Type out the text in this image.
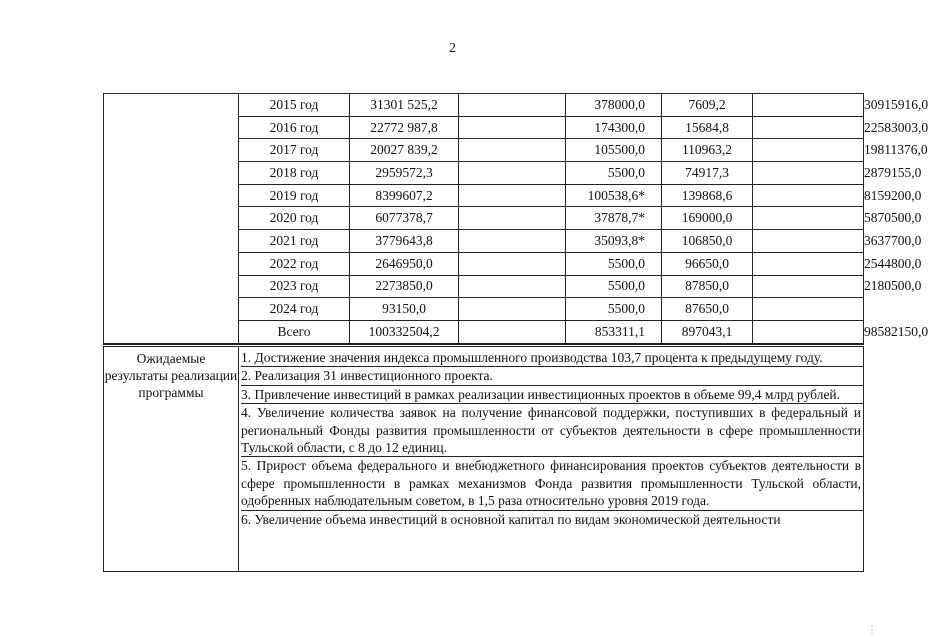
2
	2015 год	31301 525,2		378000,0	7609,2		30915916,0
	2016 год	22772 987,8		174300,0	15684,8		22583003,0
	2017 год	20027 839,2		105500,0	110963,2		19811376,0
	2018 год	2959572,3		5500,0	74917,3		2879155,0
	2019 год	8399607,2		100538,6*	139868,6		8159200,0
	2020 год	6077378,7		37878,7*	169000,0		5870500,0
	2021 год	3779643,8		35093,8*	106850,0		3637700,0
	2022 год	2646950,0		5500,0	96650,0		2544800,0
	2023 год	2273850,0		5500,0	87850,0		2180500,0
	2024 год	93150,0		5500,0	87650,0		
	Всего	100332504,2		853311,1	897043,1		98582150,0
Ожидаемые результаты реализации программы	
1. Достижение значения индекса промышленного производства 103,7 процента к предыдущему году.
2. Реализация 31 инвестиционного проекта.
3. Привлечение инвестиций в рамках реализации инвестиционных проектов в объеме 99,4 млрд рублей.
4. Увеличение количества заявок на получение финансовой поддержки, поступивших в федеральный и региональный Фонды развития промышленности от субъектов деятельности в сфере промышленности Тульской области, с 8 до 12 единиц.
5. Прирост объема федерального и внебюджетного финансирования проектов субъектов деятельности в сфере промышленности в рамках механизмов Фонда развития промышленности Тульской области, одобренных наблюдательным советом, в 1,5 раза относительно уровня 2019 года.
6. Увеличение объема инвестиций в основной капитал по видам экономической деятельности
⋮
